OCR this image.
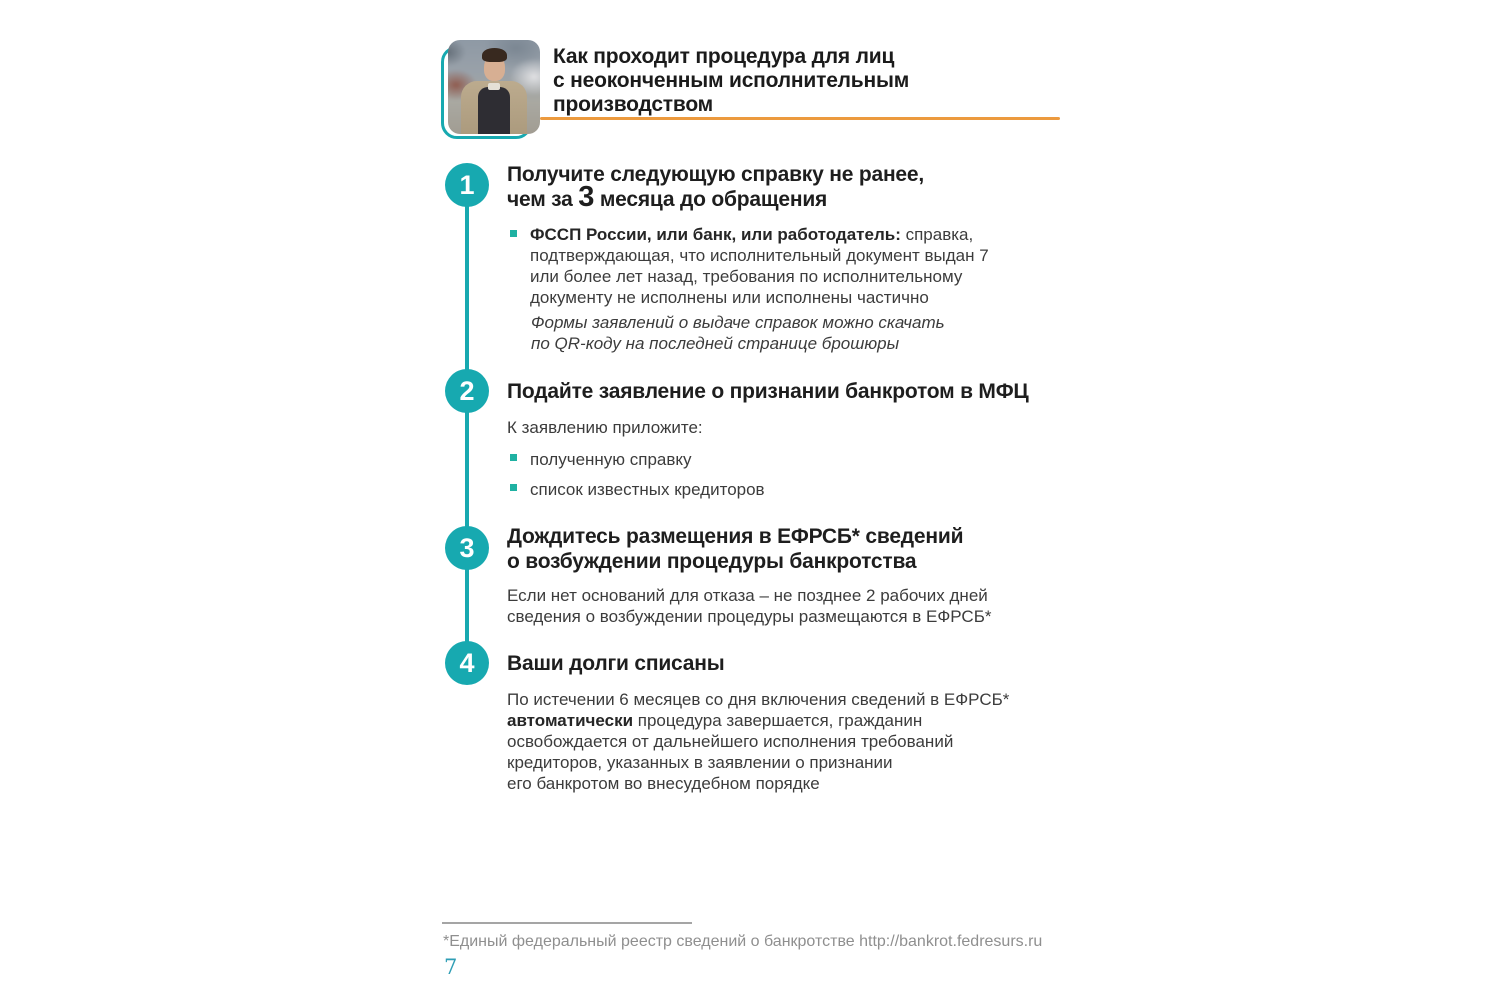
Как проходит процедура для лиц
с неоконченным исполнительным
производством
1
2
3
4
Получите следующую справку не ранее,
чем за 3 месяца до обращения
ФССП России, или банк, или работодатель: справка,
подтверждающая, что исполнительный документ выдан 7
или более лет назад, требования по исполнительному
документу не исполнены или исполнены частично
Формы заявлений о выдаче справок можно скачать
по QR-коду на последней странице брошюры
Подайте заявление о признании банкротом в МФЦ
К заявлению приложите:
полученную справку
список известных кредиторов
Дождитесь размещения в ЕФРСБ* сведений
о возбуждении процедуры банкротства
Если нет оснований для отказа – не позднее 2 рабочих дней
сведения о возбуждении процедуры размещаются в ЕФРСБ*
Ваши долги списаны
По истечении 6 месяцев со дня включения сведений в ЕФРСБ*
автоматически процедура завершается, гражданин
освобождается от дальнейшего исполнения требований
кредиторов, указанных в заявлении о признании
его банкротом во внесудебном порядке
*Единый федеральный реестр сведений о банкротстве http://bankrot.fedresurs.ru
7
